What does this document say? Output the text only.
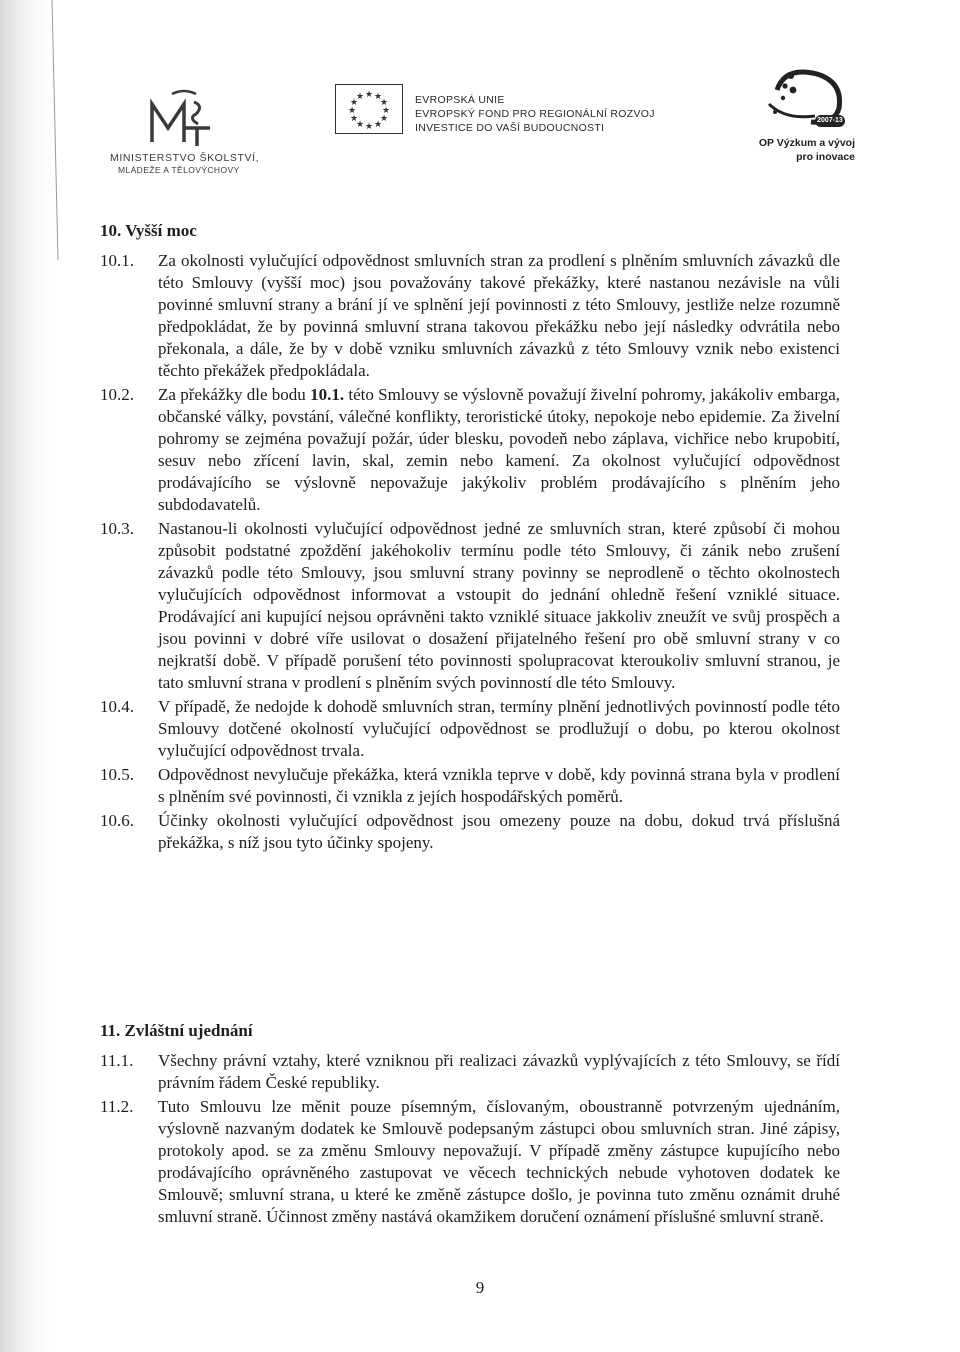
MINISTERSTVO ŠKOLSTVÍ,
MLÁDEŽE A TĚLOVÝCHOVY
★ ★
★
★
★
★
★
★
★
★
★
★	EVROPSKÁ UNIE
EVROPSKÝ FOND PRO REGIONÁLNÍ ROZVOJ
INVESTICE DO VAŠÍ BUDOUCNOSTI
2007-13
OP Výzkum a vývoj
pro inovace
10. Vyšší moc
10.1.	Za okolnosti vylučující odpovědnost smluvních stran za prodlení s plněním smluvních závazků dle této Smlouvy (vyšší moc) jsou považovány takové překážky, které nastanou nezávisle na vůli povinné smluvní strany a brání jí ve splnění její povinnosti z této Smlouvy, jestliže nelze rozumně předpokládat, že by povinná smluvní strana takovou překážku nebo její následky odvrátila nebo překonala, a dále, že by v době vzniku smluvních závazků z této Smlouvy vznik nebo existenci těchto překážek předpokládala.
10.2.	Za překážky dle bodu 10.1. této Smlouvy se výslovně považují živelní pohromy, jakákoliv embarga, občanské války, povstání, válečné konflikty, teroristické útoky, nepokoje nebo epidemie. Za živelní pohromy se zejména považují požár, úder blesku, povodeň nebo záplava, vichřice nebo krupobití, sesuv nebo zřícení lavin, skal, zemin nebo kamení. Za okolnost vylučující odpovědnost prodávajícího se výslovně nepovažuje jakýkoliv problém prodávajícího s plněním jeho subdodavatelů.
10.3.	Nastanou-li okolnosti vylučující odpovědnost jedné ze smluvních stran, které způsobí či mohou způsobit podstatné zpoždění jakéhokoliv termínu podle této Smlouvy, či zánik nebo zrušení závazků podle této Smlouvy, jsou smluvní strany povinny se neprodleně o těchto okolnostech vylučujících odpovědnost informovat a vstoupit do jednání ohledně řešení vzniklé situace. Prodávající ani kupující nejsou oprávněni takto vzniklé situace jakkoliv zneužít ve svůj prospěch a jsou povinni v dobré víře usilovat o dosažení přijatelného řešení pro obě smluvní strany v co nejkratší době. V případě porušení této povinnosti spolupracovat kteroukoliv smluvní stranou, je tato smluvní strana v prodlení s plněním svých povinností dle této Smlouvy.
10.4.	V případě, že nedojde k dohodě smluvních stran, termíny plnění jednotlivých povinností podle této Smlouvy dotčené okolností vylučující odpovědnost se prodlužují o dobu, po kterou okolnost vylučující odpovědnost trvala.
10.5.	Odpovědnost nevylučuje překážka, která vznikla teprve v době, kdy povinná strana byla v prodlení s plněním své povinnosti, či vznikla z jejích hospodářských poměrů.
10.6.	Účinky okolnosti vylučující odpovědnost jsou omezeny pouze na dobu, dokud trvá příslušná překážka, s níž jsou tyto účinky spojeny.
11. Zvláštní ujednání
11.1.	Všechny právní vztahy, které vzniknou při realizaci závazků vyplývajících z této Smlouvy, se řídí právním řádem České republiky.
11.2.	Tuto Smlouvu lze měnit pouze písemným, číslovaným, oboustranně potvrzeným ujednáním, výslovně nazvaným dodatek ke Smlouvě podepsaným zástupci obou smluvních stran. Jiné zápisy, protokoly apod. se za změnu Smlouvy nepovažují. V případě změny zástupce kupujícího nebo prodávajícího oprávněného zastupovat ve věcech technických nebude vyhotoven dodatek ke Smlouvě; smluvní strana, u které ke změně zástupce došlo, je povinna tuto změnu oznámit druhé smluvní straně. Účinnost změny nastává okamžikem doručení oznámení příslušné smluvní straně.
9
